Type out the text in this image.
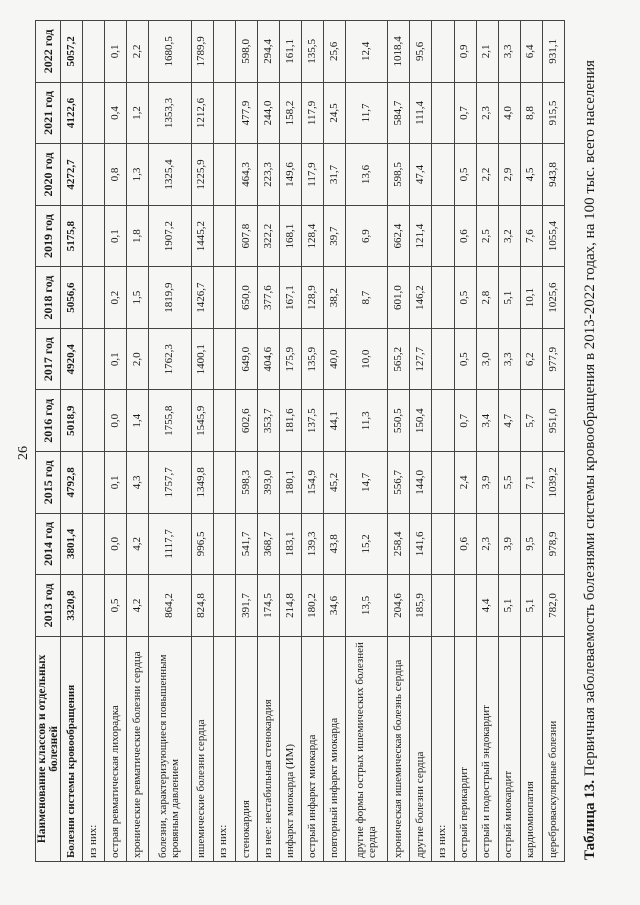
26
Наименование классов и отдельных болезней	2013 год	2014 год	2015 год	2016 год	2017 год	2018 год	2019 год	2020 год	2021 год	2022 год
Болезни системы кровообращения	3320,8	3801,4	4792,8	5018,9	4920,4	5056,6	5175,8	4272,7	4122,6	5057,2
из них:										
острая ревматическая лихорадка	0,5	0,0	0,1	0,0	0,1	0,2	0,1	0,8	0,4	0,1
хронические ревматические болезни сердца	4,2	4,2	4,3	1,4	2,0	1,5	1,8	1,3	1,2	2,2
болезни, характеризующиеся повышенным кровяным давлением	864,2	1117,7	1757,7	1755,8	1762,3	1819,9	1907,2	1325,4	1353,3	1680,5
ишемические болезни сердца	824,8	996,5	1349,8	1545,9	1400,1	1426,7	1445,2	1225,9	1212,6	1789,9
из них:										
стенокардия	391,7	541,7	598,3	602,6	649,0	650,0	607,8	464,3	477,9	598,0
из нее: нестабильная стенокардия	174,5	368,7	393,0	353,7	404,6	377,6	322,2	223,3	244,0	294,4
инфаркт миокарда (ИМ)	214,8	183,1	180,1	181,6	175,9	167,1	168,1	149,6	158,2	161,1
острый инфаркт миокарда	180,2	139,3	154,9	137,5	135,9	128,9	128,4	117,9	117,9	135,5
повторный инфаркт миокарда	34,6	43,8	45,2	44,1	40,0	38,2	39,7	31,7	24,5	25,6
другие формы острых ишемических болезней сердца	13,5	15,2	14,7	11,3	10,0	8,7	6,9	13,6	11,7	12,4
хроническая ишемическая болезнь сердца	204,6	258,4	556,7	550,5	565,2	601,0	662,4	598,5	584,7	1018,4
другие болезни сердца	185,9	141,6	144,0	150,4	127,7	146,2	121,4	47,4	111,4	95,6
из них:										
острый перикардит		0,6	2,4	0,7	0,5	0,5	0,6	0,5	0,7	0,9
острый и подострый эндокардит	4,4	2,3	3,9	3,4	3,0	2,8	2,5	2,2	2,3	2,1
острый миокардит	5,1	3,9	5,5	4,7	3,3	5,1	3,2	2,9	4,0	3,3
кардиомиопатия	5,1	9,5	7,1	5,7	6,2	10,1	7,6	4,5	8,8	6,4
цереброваскулярные болезни	782,0	978,9	1039,2	951,0	977,9	1025,6	1055,4	943,8	915,5	931,1
Таблица 13. Первичная заболеваемость болезнями системы кровообращения в 2013-2022 годах, на 100 тыс. всего населения
